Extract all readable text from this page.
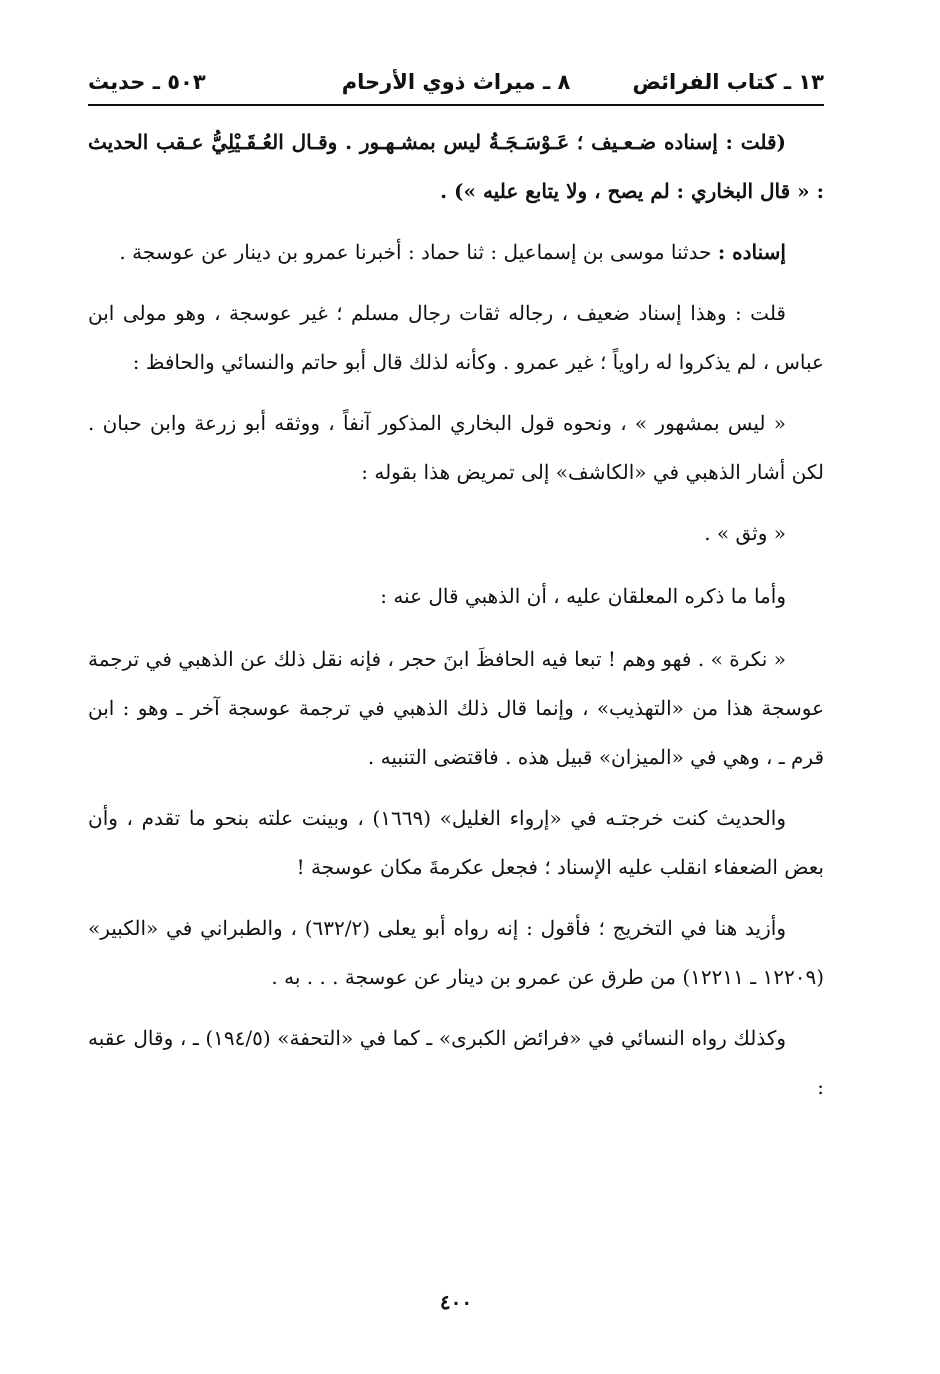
١٣ ـ كتاب الفرائض
٨ ـ ميراث ذوي الأرحام
٥٠٣ ـ حديث

(قلت : إسناده ضـعـيف ؛ عَـوْسَـجَـةُ ليس بمشـهـور . وقـال العُـقَـيْلِيُّ عـقب الحديث : « قال البخاري : لم يصح ، ولا يتابع عليه ») .

إسناده : حدثنا موسى بن إسماعيل : ثنا حماد : أخبرنا عمرو بن دينار عن عوسجة .

قلت : وهذا إسناد ضعيف ، رجاله ثقات رجال مسلم ؛ غير عوسجة ، وهو مولى ابن عباس ، لم يذكروا له راوياً ؛ غير عمرو . وكأنه لذلك قال أبو حاتم والنسائي والحافظ :

« ليس بمشهور » ، ونحوه قول البخاري المذكور آنفاً ، ووثقه أبو زرعة وابن حبان . لكن أشار الذهبي في «الكاشف» إلى تمريض هذا بقوله :

« وثق » .

وأما ما ذكره المعلقان عليه ، أن الذهبي قال عنه :

« نكرة » . فهو وهم ! تبعا فيه الحافظَ ابنَ حجر ، فإنه نقل ذلك عن الذهبي في ترجمة عوسجة هذا من «التهذيب» ، وإنما قال ذلك الذهبي في ترجمة عوسجة آخر ـ وهو : ابن قرم ـ ، وهي في «الميزان» قبيل هذه . فاقتضى التنبيه .

والحديث كنت خرجتـه في «إرواء الغليل» (١٦٦٩) ، وبينت علته بنحو ما تقدم ، وأن بعض الضعفاء انقلب عليه الإسناد ؛ فجعل عكرمةَ مكان عوسجة !

وأزيد هنا في التخريج ؛ فأقول : إنه رواه أبو يعلى (٦٣٢/٢) ، والطبراني في «الكبير» (١٢٢٠٩ ـ ١٢٢١١) من طرق عن عمرو بن دينار عن عوسجة . . . به .

وكذلك رواه النسائي في «فرائض الكبرى» ـ كما في «التحفة» (١٩٤/٥) ـ ، وقال عقبه :

٤٠٠
